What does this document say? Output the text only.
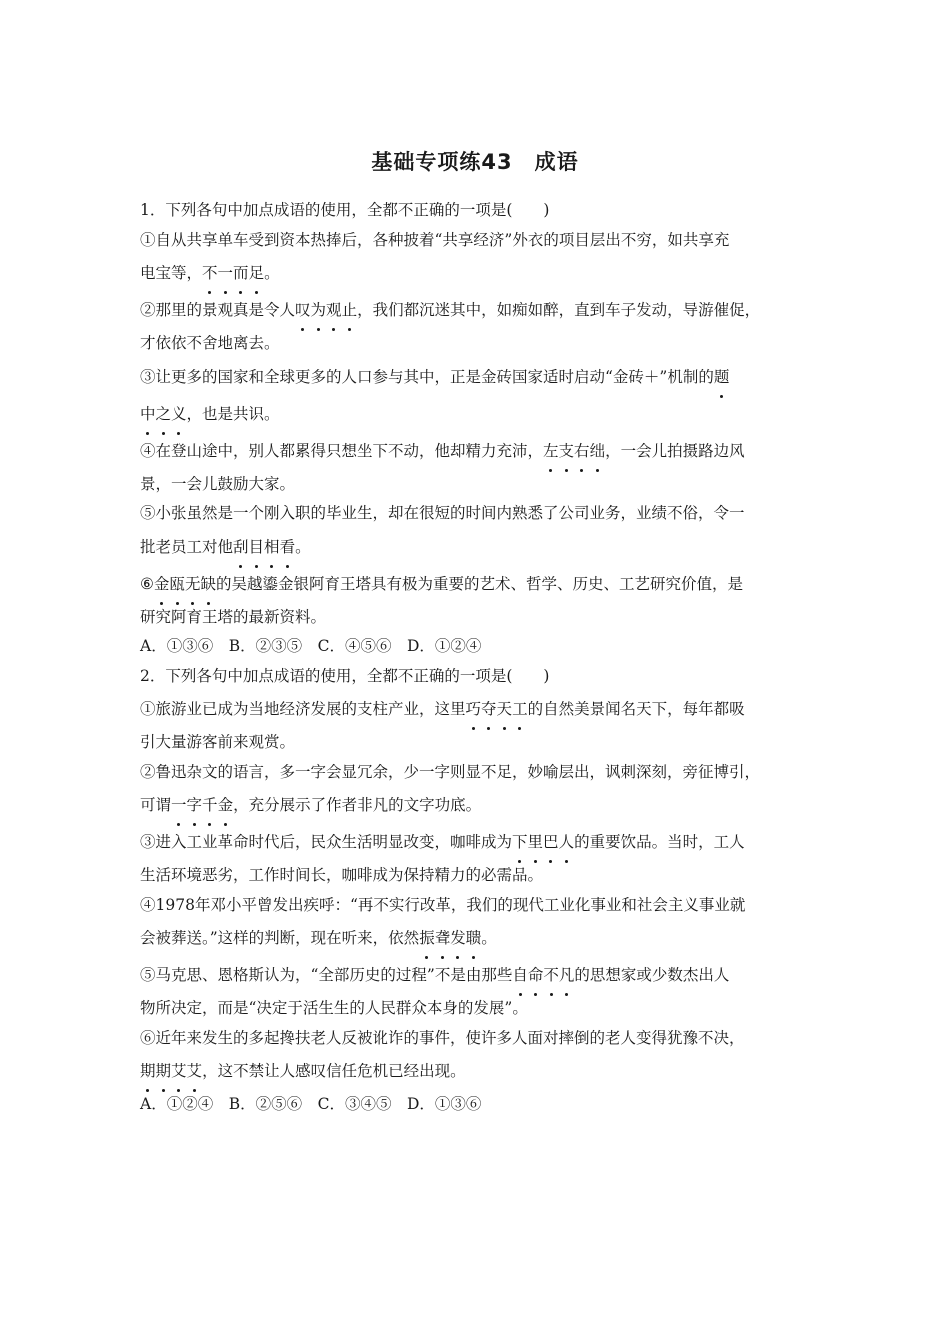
基础专项练43　成语
1．下列各句中加点成语的使用，全都不正确的一项是(　　)
①自从共享单车受到资本热捧后，各种披着“共享经济”外衣的项目层出不穷，如共享充
电宝等，不一而足。
②那里的景观真是令人叹为观止，我们都沉迷其中，如痴如醉，直到车子发动，导游催促，
才依依不舍地离去。
③让更多的国家和全球更多的人口参与其中，正是金砖国家适时启动“金砖＋”机制的题
中之义，也是共识。
④在登山途中，别人都累得只想坐下不动，他却精力充沛，左支右绌，一会儿拍摄路边风
景，一会儿鼓励大家。
⑤小张虽然是一个刚入职的毕业生，却在很短的时间内熟悉了公司业务，业绩不俗，令一
批老员工对他刮目相看。
⑥金瓯无缺的吴越鎏金银阿育王塔具有极为重要的艺术、哲学、历史、工艺研究价值，是
研究阿育王塔的最新资料。
A．①③⑥　B．②③⑤　C．④⑤⑥　D．①②④
2．下列各句中加点成语的使用，全都不正确的一项是(　　)
①旅游业已成为当地经济发展的支柱产业，这里巧夺天工的自然美景闻名天下，每年都吸
引大量游客前来观赏。
②鲁迅杂文的语言，多一字会显冗余，少一字则显不足，妙喻层出，讽刺深刻，旁征博引，
可谓一字千金，充分展示了作者非凡的文字功底。
③进入工业革命时代后，民众生活明显改变，咖啡成为下里巴人的重要饮品。当时，工人
生活环境恶劣，工作时间长，咖啡成为保持精力的必需品。
④1978年邓小平曾发出疾呼：“再不实行改革，我们的现代工业化事业和社会主义事业就
会被葬送。”这样的判断，现在听来，依然振聋发聩。
⑤马克思、恩格斯认为，“全部历史的过程”不是由那些自命不凡的思想家或少数杰出人
物所决定，而是“决定于活生生的人民群众本身的发展”。
⑥近年来发生的多起搀扶老人反被讹诈的事件，使许多人面对摔倒的老人变得犹豫不决，
期期艾艾，这不禁让人感叹信任危机已经出现。
A．①②④　B．②⑤⑥　C．③④⑤　D．①③⑥
